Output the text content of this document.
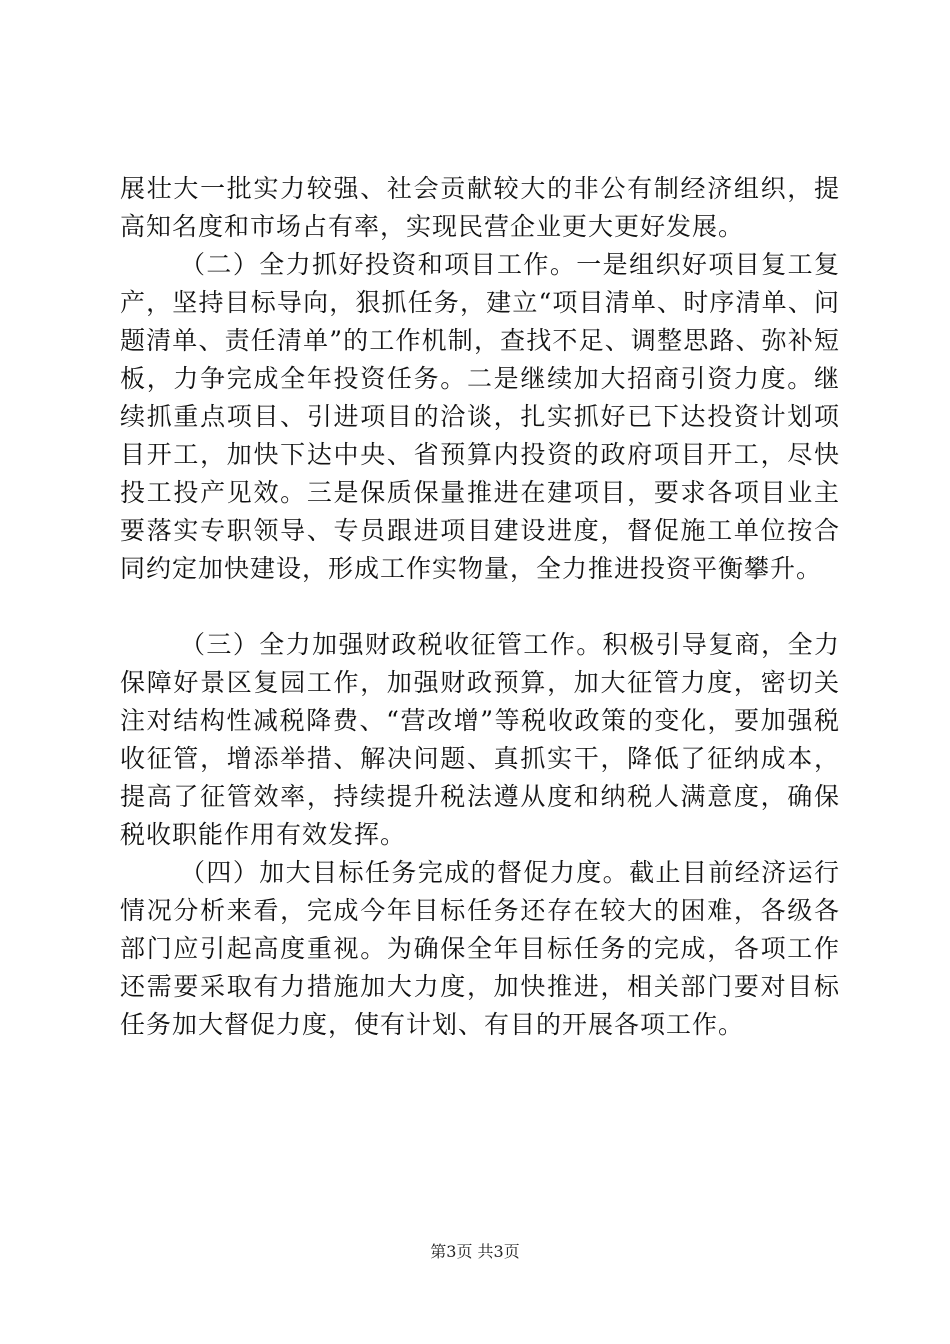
展壮大一批实力较强、社会贡献较大的非公有制经济组织，提高知名度和市场占有率，实现民营企业更大更好发展。

（二）全力抓好投资和项目工作。一是组织好项目复工复产，坚持目标导向，狠抓任务，建立“项目清单、时序清单、问题清单、责任清单”的工作机制，查找不足、调整思路、弥补短板，力争完成全年投资任务。二是继续加大招商引资力度。继续抓重点项目、引进项目的洽谈，扎实抓好已下达投资计划项目开工，加快下达中央、省预算内投资的政府项目开工，尽快投工投产见效。三是保质保量推进在建项目，要求各项目业主要落实专职领导、专员跟进项目建设进度，督促施工单位按合同约定加快建设，形成工作实物量，全力推进投资平衡攀升。

（三）全力加强财政税收征管工作。积极引导复商，全力保障好景区复园工作，加强财政预算，加大征管力度，密切关注对结构性减税降费、“营改增”等税收政策的变化，要加强税收征管，增添举措、解决问题、真抓实干，降低了征纳成本，提高了征管效率，持续提升税法遵从度和纳税人满意度，确保税收职能作用有效发挥。

（四）加大目标任务完成的督促力度。截止目前经济运行情况分析来看，完成今年目标任务还存在较大的困难，各级各部门应引起高度重视。为确保全年目标任务的完成，各项工作还需要采取有力措施加大力度，加快推进，相关部门要对目标任务加大督促力度，使有计划、有目的开展各项工作。

第3页 共3页
